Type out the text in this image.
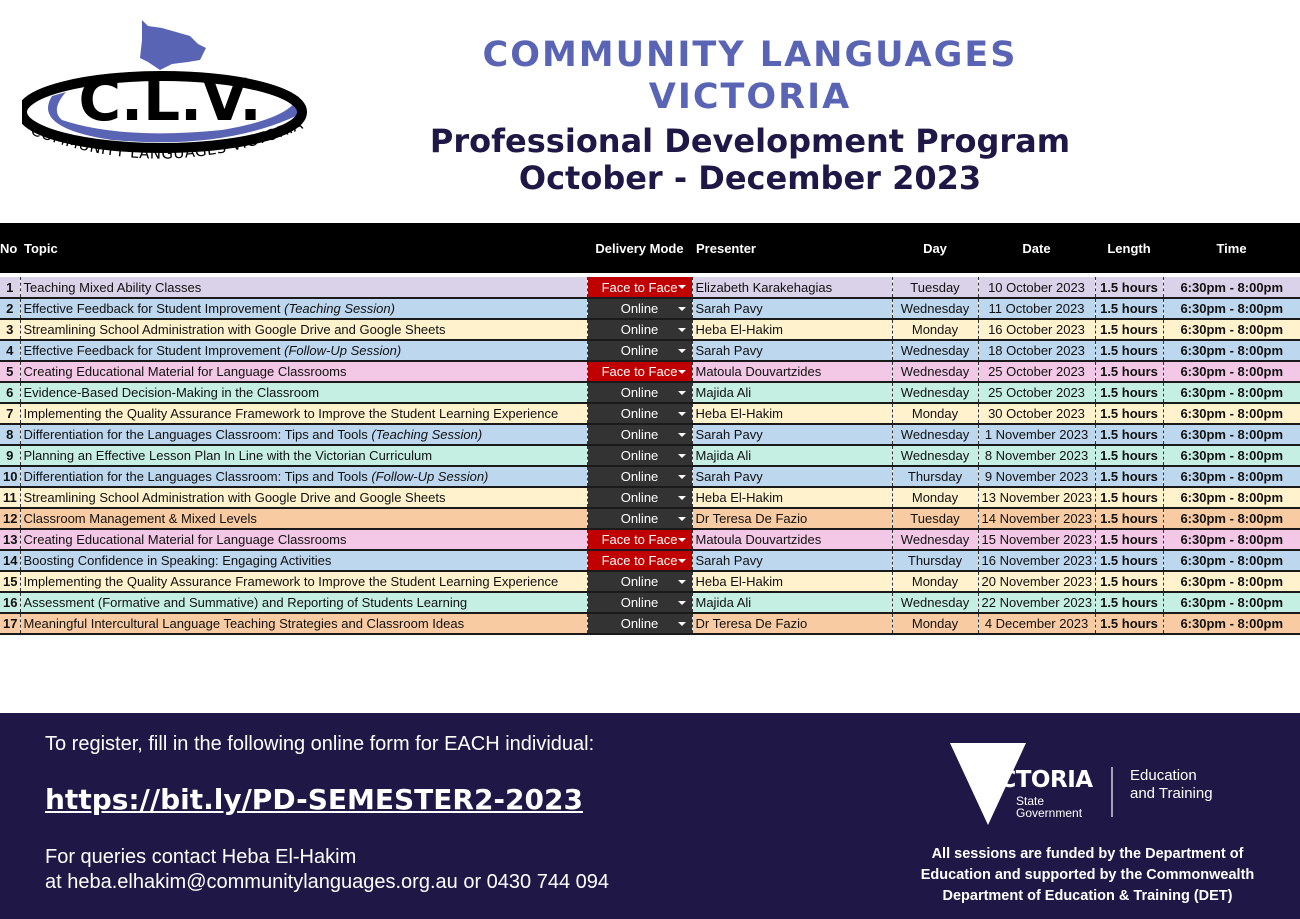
C.L.V.
COMMUNITY LANGUAGES VICTORIA
COMMUNITY LANGUAGES VICTORIA
Professional Development Program
October - December 2023
No	Topic	Delivery Mode	Presenter	Day	Date	Length	Time

1	Teaching Mixed Ability Classes	Face to Face	Elizabeth Karakehagias	Tuesday	10 October 2023	1.5 hours	6:30pm - 8:00pm
2	Effective Feedback for Student Improvement (Teaching Session)	Online	Sarah Pavy	Wednesday	11 October 2023	1.5 hours	6:30pm - 8:00pm
3	Streamlining School Administration with Google Drive and Google Sheets	Online	Heba El-Hakim	Monday	16 October 2023	1.5 hours	6:30pm - 8:00pm
4	Effective Feedback for Student Improvement (Follow-Up Session)	Online	Sarah Pavy	Wednesday	18 October 2023	1.5 hours	6:30pm - 8:00pm
5	Creating Educational Material for Language Classrooms	Face to Face	Matoula Douvartzides	Wednesday	25 October 2023	1.5 hours	6:30pm - 8:00pm
6	Evidence-Based Decision-Making in the Classroom	Online	Majida Ali	Wednesday	25 October 2023	1.5 hours	6:30pm - 8:00pm
7	Implementing the Quality Assurance Framework to Improve the Student Learning Experience	Online	Heba El-Hakim	Monday	30 October 2023	1.5 hours	6:30pm - 8:00pm
8	Differentiation for the Languages Classroom: Tips and Tools (Teaching Session)	Online	Sarah Pavy	Wednesday	1 November 2023	1.5 hours	6:30pm - 8:00pm
9	Planning an Effective Lesson Plan In Line with the Victorian Curriculum	Online	Majida Ali	Wednesday	8 November 2023	1.5 hours	6:30pm - 8:00pm
10	Differentiation for the Languages Classroom: Tips and Tools (Follow-Up Session)	Online	Sarah Pavy	Thursday	9 November 2023	1.5 hours	6:30pm - 8:00pm
11	Streamlining School Administration with Google Drive and Google Sheets	Online	Heba El-Hakim	Monday	13 November 2023	1.5 hours	6:30pm - 8:00pm
12	Classroom Management & Mixed Levels	Online	Dr Teresa De Fazio	Tuesday	14 November 2023	1.5 hours	6:30pm - 8:00pm
13	Creating Educational Material for Language Classrooms	Face to Face	Matoula Douvartzides	Wednesday	15 November 2023	1.5 hours	6:30pm - 8:00pm
14	Boosting Confidence in Speaking: Engaging Activities	Face to Face	Sarah Pavy	Thursday	16 November 2023	1.5 hours	6:30pm - 8:00pm
15	Implementing the Quality Assurance Framework to Improve the Student Learning Experience	Online	Heba El-Hakim	Monday	20 November 2023	1.5 hours	6:30pm - 8:00pm
16	Assessment (Formative and Summative) and Reporting of Students Learning	Online	Majida Ali	Wednesday	22 November 2023	1.5 hours	6:30pm - 8:00pm
17	Meaningful Intercultural Language Teaching Strategies and Classroom Ideas	Online	Dr Teresa De Fazio	Monday	4 December 2023	1.5 hours	6:30pm - 8:00pm
To register, fill in the following online form for EACH individual:
https://bit.ly/PD-SEMESTER2-2023
For queries contact Heba El-Hakim
at heba.elhakim@communitylanguages.org.au or 0430 744 094
VICTORIA
State
Government
Education
and Training
All sessions are funded by the Department of
Education and supported by the Commonwealth
Department of Education & Training (DET)
